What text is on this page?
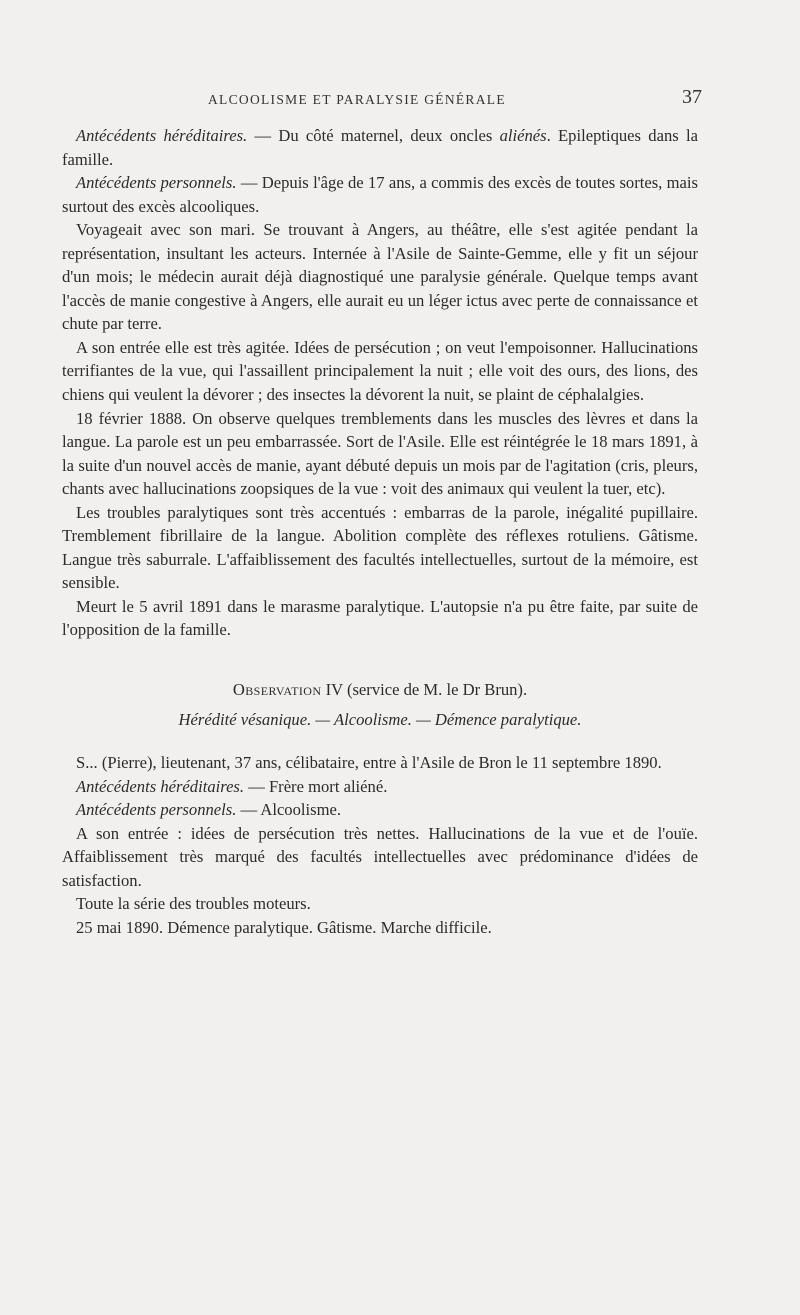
ALCOOLISME ET PARALYSIE GÉNÉRALE	37

Antécédents héréditaires. — Du côté maternel, deux oncles aliénés. Epileptiques dans la famille.

Antécédents personnels. — Depuis l'âge de 17 ans, a commis des excès de toutes sortes, mais surtout des excès alcooliques.

Voyageait avec son mari. Se trouvant à Angers, au théâtre, elle s'est agitée pendant la représentation, insultant les acteurs. Internée à l'Asile de Sainte-Gemme, elle y fit un séjour d'un mois; le médecin aurait déjà diagnostiqué une paralysie générale. Quelque temps avant l'accès de manie congestive à Angers, elle aurait eu un léger ictus avec perte de connaissance et chute par terre.

A son entrée elle est très agitée. Idées de persécution ; on veut l'empoisonner. Hallucinations terrifiantes de la vue, qui l'assaillent principalement la nuit ; elle voit des ours, des lions, des chiens qui veulent la dévorer ; des insectes la dévorent la nuit, se plaint de céphalalgies.

18 février 1888. On observe quelques tremblements dans les muscles des lèvres et dans la langue. La parole est un peu embarrassée. Sort de l'Asile. Elle est réintégrée le 18 mars 1891, à la suite d'un nouvel accès de manie, ayant débuté depuis un mois par de l'agitation (cris, pleurs, chants avec hallucinations zoopsiques de la vue : voit des animaux qui veulent la tuer, etc).

Les troubles paralytiques sont très accentués : embarras de la parole, inégalité pupillaire. Tremblement fibrillaire de la langue. Abolition complète des réflexes rotuliens. Gâtisme. Langue très saburrale. L'affaiblissement des facultés intellectuelles, surtout de la mémoire, est sensible.

Meurt le 5 avril 1891 dans le marasme paralytique. L'autopsie n'a pu être faite, par suite de l'opposition de la famille.

Observation IV (service de M. le Dr Brun).

Hérédité vésanique. — Alcoolisme. — Démence paralytique.

S... (Pierre), lieutenant, 37 ans, célibataire, entre à l'Asile de Bron le 11 septembre 1890.

Antécédents héréditaires. — Frère mort aliéné.

Antécédents personnels. — Alcoolisme.

A son entrée : idées de persécution très nettes. Hallucinations de la vue et de l'ouïe. Affaiblissement très marqué des facultés intellectuelles avec prédominance d'idées de satisfaction.

Toute la série des troubles moteurs.

25 mai 1890. Démence paralytique. Gâtisme. Marche difficile.
